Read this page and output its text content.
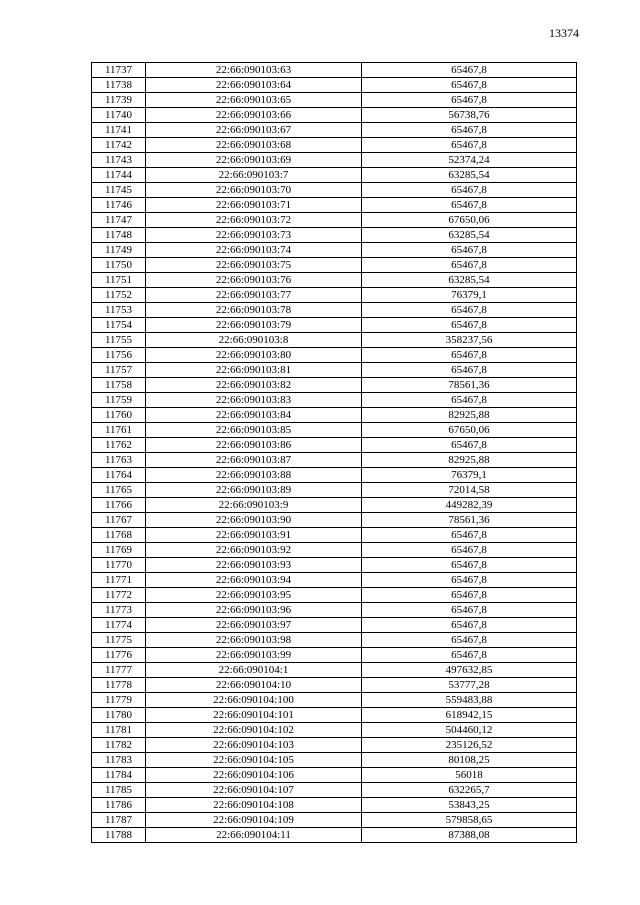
13374
11737	22:66:090103:63	65467,8
11738	22:66:090103:64	65467,8
11739	22:66:090103:65	65467,8
11740	22:66:090103:66	56738,76
11741	22:66:090103:67	65467,8
11742	22:66:090103:68	65467,8
11743	22:66:090103:69	52374,24
11744	22:66:090103:7	63285,54
11745	22:66:090103:70	65467,8
11746	22:66:090103:71	65467,8
11747	22:66:090103:72	67650,06
11748	22:66:090103:73	63285,54
11749	22:66:090103:74	65467,8
11750	22:66:090103:75	65467,8
11751	22:66:090103:76	63285,54
11752	22:66:090103:77	76379,1
11753	22:66:090103:78	65467,8
11754	22:66:090103:79	65467,8
11755	22:66:090103:8	358237,56
11756	22:66:090103:80	65467,8
11757	22:66:090103:81	65467,8
11758	22:66:090103:82	78561,36
11759	22:66:090103:83	65467,8
11760	22:66:090103:84	82925,88
11761	22:66:090103:85	67650,06
11762	22:66:090103:86	65467,8
11763	22:66:090103:87	82925,88
11764	22:66:090103:88	76379,1
11765	22:66:090103:89	72014,58
11766	22:66:090103:9	449282,39
11767	22:66:090103:90	78561,36
11768	22:66:090103:91	65467,8
11769	22:66:090103:92	65467,8
11770	22:66:090103:93	65467,8
11771	22:66:090103:94	65467,8
11772	22:66:090103:95	65467,8
11773	22:66:090103:96	65467,8
11774	22:66:090103:97	65467,8
11775	22:66:090103:98	65467,8
11776	22:66:090103:99	65467,8
11777	22:66:090104:1	497632,85
11778	22:66:090104:10	53777,28
11779	22:66:090104:100	559483,88
11780	22:66:090104:101	618942,15
11781	22:66:090104:102	504460,12
11782	22:66:090104:103	235126,52
11783	22:66:090104:105	80108,25
11784	22:66:090104:106	56018
11785	22:66:090104:107	632265,7
11786	22:66:090104:108	53843,25
11787	22:66:090104:109	579858,65
11788	22:66:090104:11	87388,08
